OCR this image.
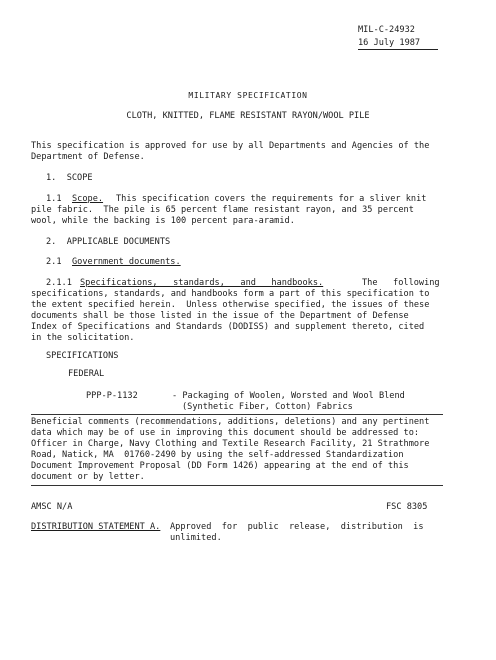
MIL-C-24932
16 July 1987
MILITARY SPECIFICATION
CLOTH, KNITTED, FLAME RESISTANT RAYON/WOOL PILE
This specification is approved for use by all Departments and Agencies of the
Department of Defense.
1.  SCOPE
1.1 Scope. This specification covers the requirements for a sliver knit
pile fabric.  The pile is 65 percent flame resistant rayon, and 35 percent
wool, while the backing is 100 percent para-aramid.
2.  APPLICABLE DOCUMENTS
2.1 Government documents.
2.1.1 Specifications,   standards,   and   handbooks.	The   following
specifications, standards, and handbooks form a part of this specification to
the extent specified herein.  Unless otherwise specified, the issues of these
documents shall be those listed in the issue of the Department of Defense
Index of Specifications and Standards (DODISS) and supplement thereto, cited
in the solicitation.
SPECIFICATIONS
FEDERAL
PPP-P-1132	- Packaging of Woolen, Worsted and Wool Blend
(Synthetic Fiber, Cotton) Fabrics
Beneficial comments (recommendations, additions, deletions) and any pertinent
data which may be of use in improving this document should be addressed to:
Officer in Charge, Navy Clothing and Textile Research Facility, 21 Strathmore
Road, Natick, MA  01760-2490 by using the self-addressed Standardization
Document Improvement Proposal (DD Form 1426) appearing at the end of this
document or by letter.
AMSC N/A	FSC 8305
DISTRIBUTION STATEMENT A. Approved  for  public  release,  distribution  is
unlimited.
